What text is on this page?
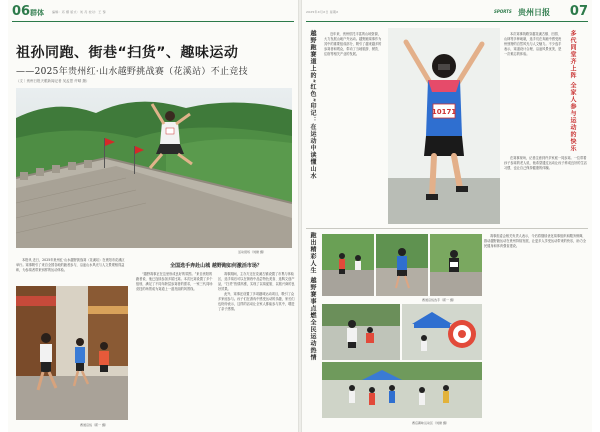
06 群体	编辑：邓 娜 版式：刘 丹 校对：王 黎
祖孙同跑、街巷“扫货”、趣味运动
——2025年贵州红·山水越野挑战赛（花溪站）不止竞技
（文｜贵州日报天眼新闻记者 吴孟思 许晴 摄）
活动现场（刘健 摄）

本报讯 近日，2025年贵州红·山水越野挑战赛（花溪站）在贵阳市花溪区举行。赛事吸引了来自全国各地的跑者参与，沿途山水风光与人文景观相得益彰，为参赛者带来别样的运动体验。

全国选手奔赴山城 越野跑如何激活市场？

“越野赛事正在这里形成良好的氛围。”来自贵阳的跑者说，他已连续参加多届比赛。本次比赛设置了多个组别，满足了不同年龄层参赛者的需求，一家三代同场竞技的场景成为赛道上一道亮丽的风景线。

赛事期间，主办方还在花溪古镇设置了市集与体验区，选手赛后可以在街巷中品尝特色美食、选购文创产品，“扫货”热情高涨，实现了以赛促旅、以旅兴商的良好效果。

此外，赛事还设置了多项趣味运动项目，吸引了众多家庭参与。孩子们在游戏中感受运动的乐趣，家长们也纷纷表示，这样的活动让全家人都能参与其中，增进了亲子感情。

赛道沿线（郭一 摄）
2025年X月X日 星期X	SPORTS 贵州日报 07
越野跑赛道上的“红色”印记：在运动中读懂山水	近年来，贵州依托丰富的山地资源，大力发展山地户外运动。越野跑赛事作为其中的重要组成部分，吸引了越来越多的参赛者和观众，带动了当地旅游、餐饮、住宿等相关产业的发展。

10171

本次赛事线路穿越花溪古镇、田园、山林等多种地貌，选手们在奔跑中感受贵州独特的自然风光与人文魅力。不少选手表示，赛道设计合理，沿途风景优美，是一次难忘的体验。	多代同堂齐上阵 全家人参与运动的快乐

在赛事现场，记者注意到许多家庭一同参赛。一位带着孙子参赛的老人说，他希望通过运动让孩子养成良好的生活习惯，也让自己保持健康的体魄。

跑出精彩人生 越野赛事点燃全民运动热情	赛道沿线选手（郭一 摄）

赛事组委会相关负责人表示，今后将继续优化赛事组织和服务保障，推动越野跑运动在贵州持续发展，让更多人享受运动带来的快乐，助力全民健身和体育强省建设。

赛后趣味运动区（刘健 摄）
